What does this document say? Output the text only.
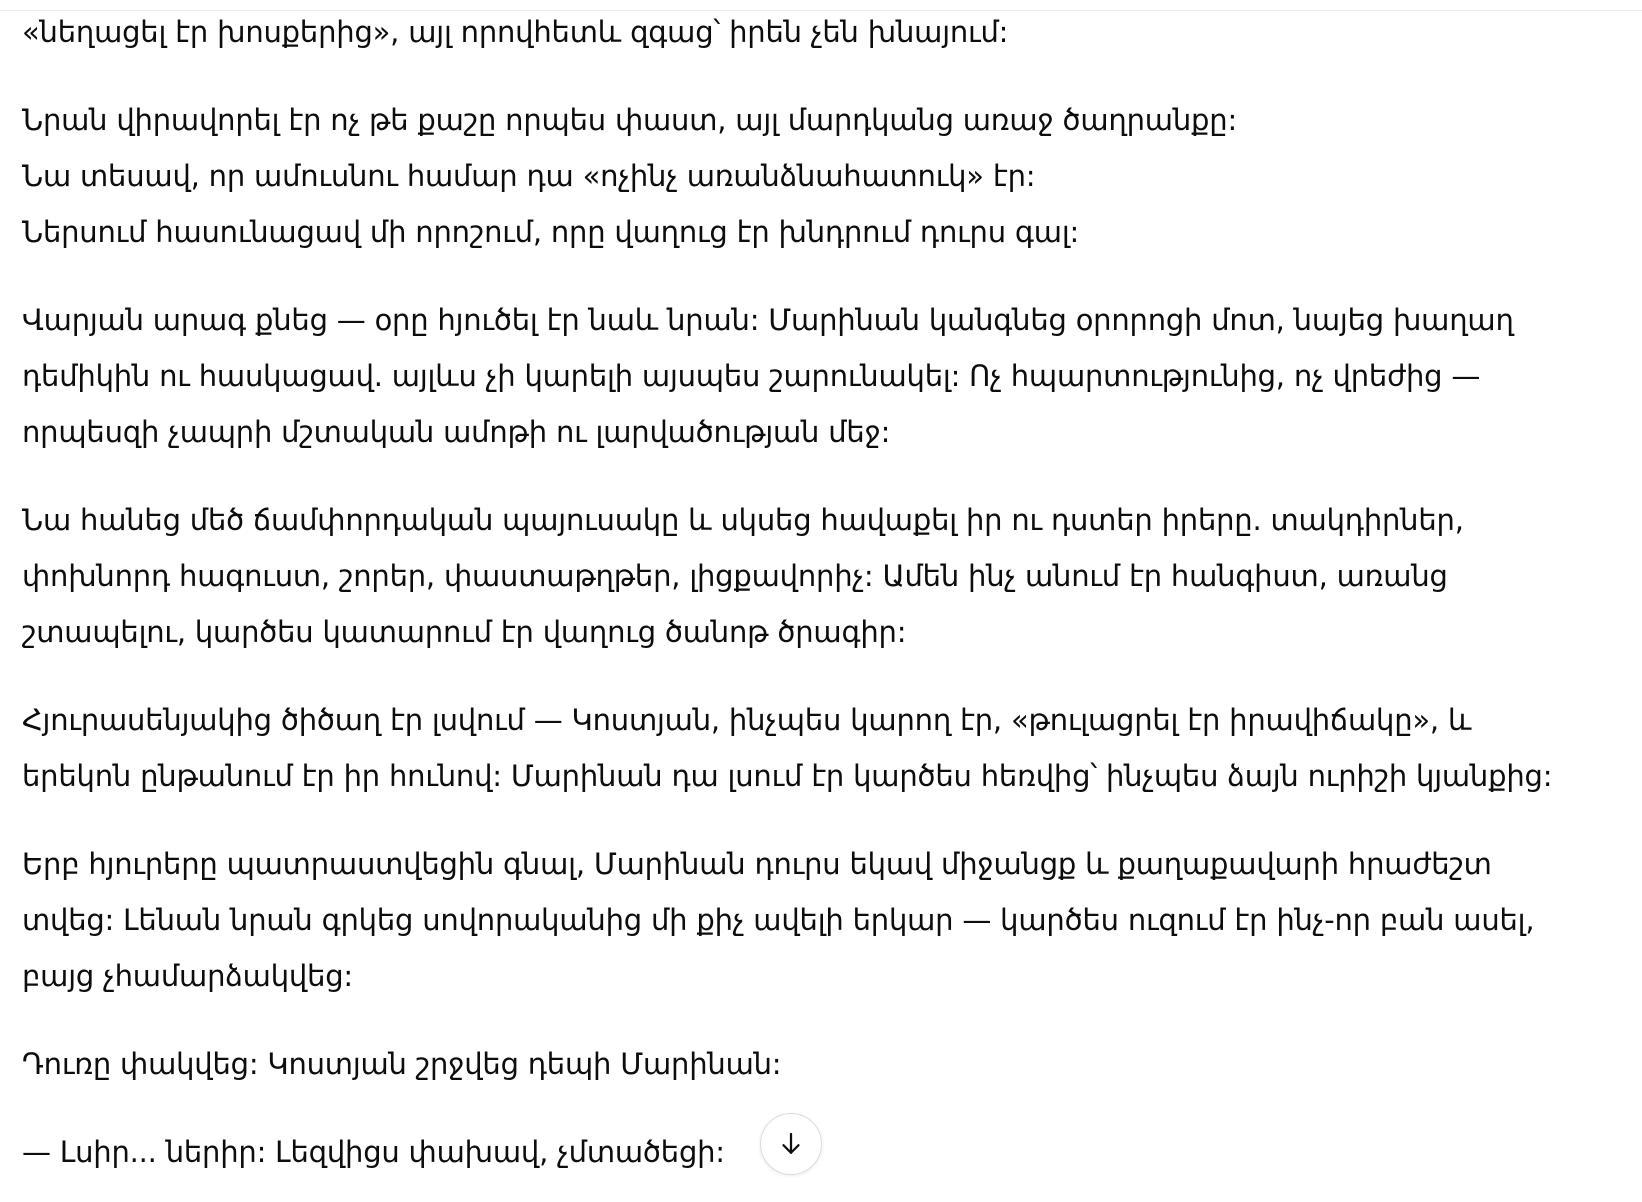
«նեղացել էր խոսքերից», այլ որովհետև զգաց՝ իրեն չեն խնայում:

Նրան վիրավորել էր ոչ թե քաշը որպես փաստ, այլ մարդկանց առաջ ծաղրանքը:
Նա տեսավ, որ ամուսնու համար դա «ոչինչ առանձնահատուկ» էր:
Ներսում հասունացավ մի որոշում, որը վաղուց էր խնդրում դուրս գալ:

Վարյան արագ քնեց — օրը հյուծել էր նաև նրան: Մարինան կանգնեց օրորոցի մոտ, նայեց խաղաղ
դեմիկին ու հասկացավ. այլևս չի կարելի այսպես շարունակել: Ոչ հպարտությունից, ոչ վրեժից —
որպեսզի չապրի մշտական ամոթի ու լարվածության մեջ:

Նա հանեց մեծ ճամփորդական պայուսակը և սկսեց հավաքել իր ու դստեր իրերը. տակդիրներ,
փոխնորդ հագուստ, շորեր, փաստաթղթեր, լիցքավորիչ: Ամեն ինչ անում էր հանգիստ, առանց
շտապելու, կարծես կատարում էր վաղուց ծանոթ ծրագիր:

Հյուրասենյակից ծիծաղ էր լսվում — Կոստյան, ինչպես կարող էր, «թուլացրել էր իրավիճակը», և
երեկոն ընթանում էր իր հունով: Մարինան դա լսում էր կարծես հեռվից՝ ինչպես ձայն ուրիշի կյանքից:

Երբ հյուրերը պատրաստվեցին գնալ, Մարինան դուրս եկավ միջանցք և քաղաքավարի հրաժեշտ
տվեց: Լենան նրան գրկեց սովորականից մի քիչ ավելի երկար — կարծես ուզում էր ինչ-որ բան ասել,
բայց չհամարձակվեց:

Դուռը փակվեց: Կոստյան շրջվեց դեպի Մարինան:

— Լսիր... ներիր: Լեզվիցս փախավ, չմտածեցի:
